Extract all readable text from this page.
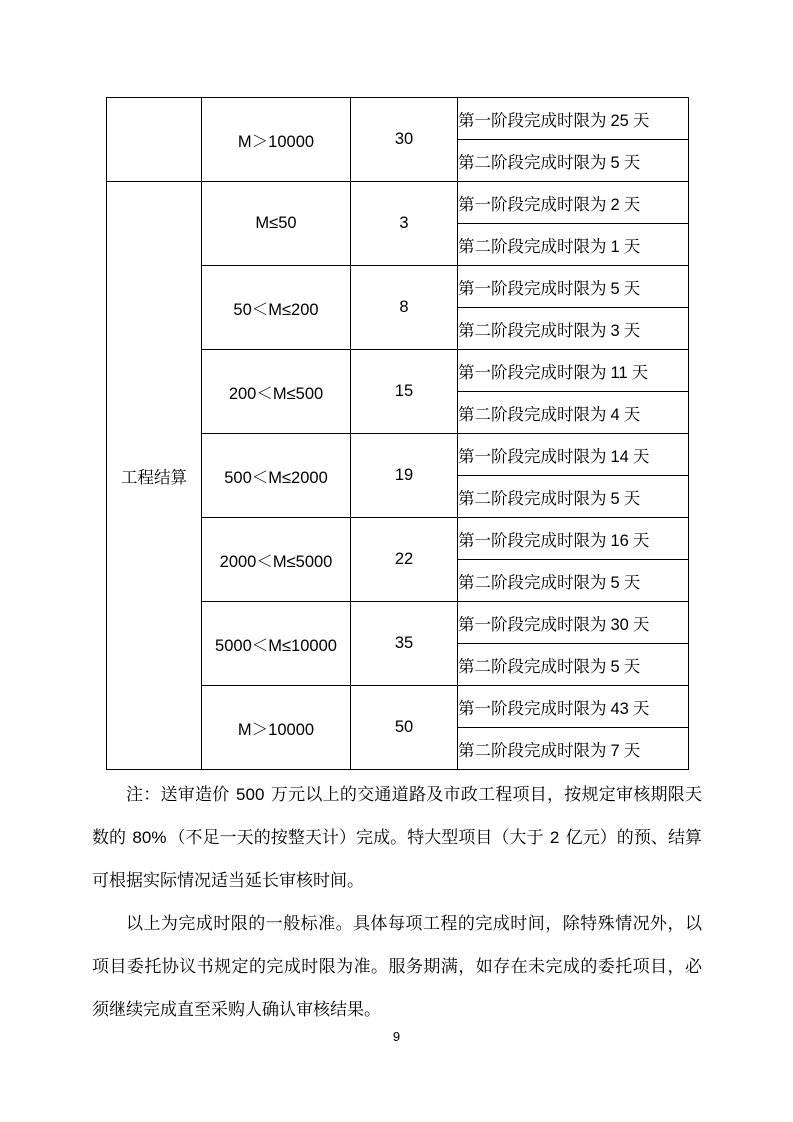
	M＞10000	30	第一阶段完成时限为 25 天
			第二阶段完成时限为 5 天
工程结算	M≤50	3	第一阶段完成时限为 2 天
			第二阶段完成时限为 1 天
	50＜M≤200	8	第一阶段完成时限为 5 天
			第二阶段完成时限为 3 天
	200＜M≤500	15	第一阶段完成时限为 11 天
			第二阶段完成时限为 4 天
	500＜M≤2000	19	第一阶段完成时限为 14 天
			第二阶段完成时限为 5 天
	2000＜M≤5000	22	第一阶段完成时限为 16 天
			第二阶段完成时限为 5 天
	5000＜M≤10000	35	第一阶段完成时限为 30 天
			第二阶段完成时限为 5 天
	M＞10000	50	第一阶段完成时限为 43 天
			第二阶段完成时限为 7 天

注：送审造价 500 万元以上的交通道路及市政工程项目，按规定审核期限天数的 80% （不足一天的按整天计）完成。特大型项目（大于 2 亿元）的预、结算可根据实际情况适当延长审核时间。

以上为完成时限的一般标准。具体每项工程的完成时间，除特殊情况外，以项目委托协议书规定的完成时限为准。服务期满，如存在未完成的委托项目，必须继续完成直至采购人确认审核结果。

9
